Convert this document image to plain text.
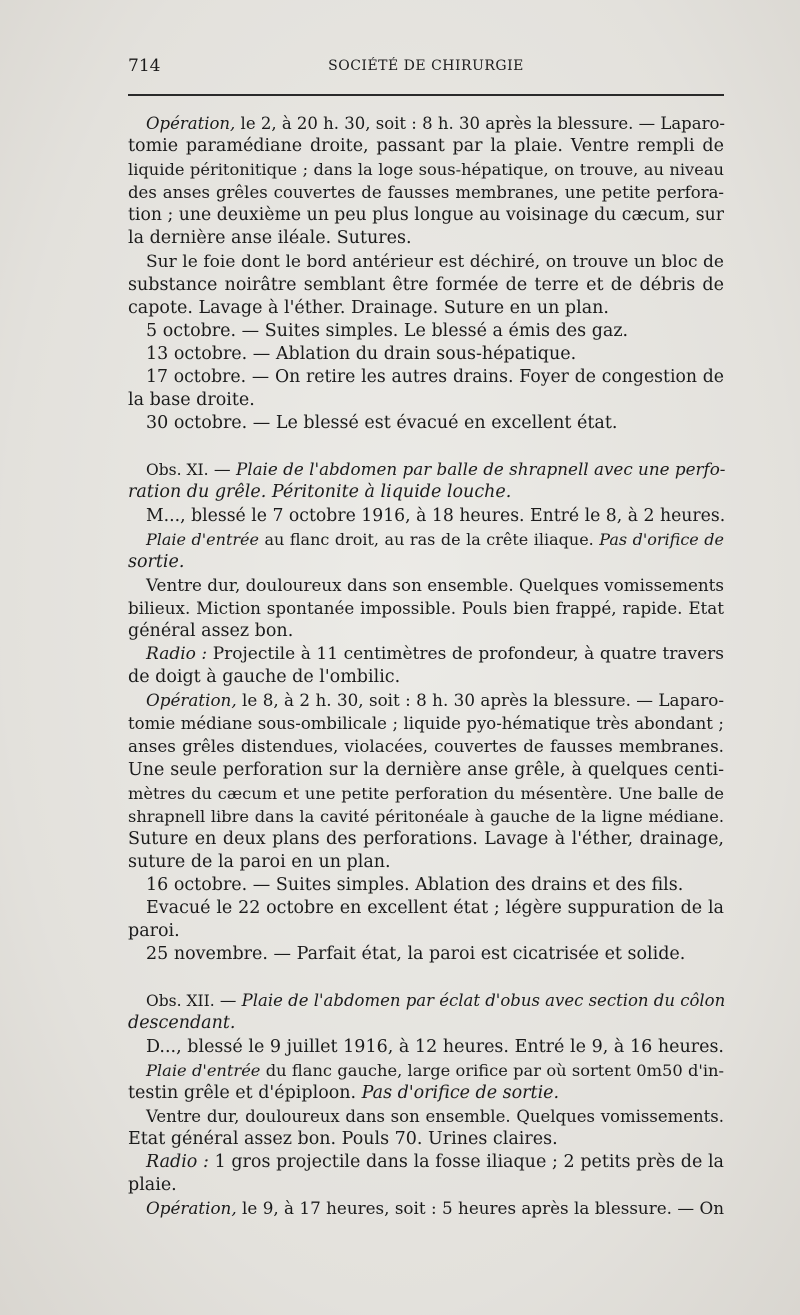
714	SOCIÉTÉ DE CHIRURGIE
Opération, le 2, à 20 h. 30, soit : 8 h. 30 après la blessure. — Laparo-
tomie paramédiane droite, passant par la plaie. Ventre rempli de
liquide péritonitique ; dans la loge sous-hépatique, on trouve, au niveau
des anses grêles couvertes de fausses membranes, une petite perfora-
tion ; une deuxième un peu plus longue au voisinage du cæcum, sur
la dernière anse iléale. Sutures.
Sur le foie dont le bord antérieur est déchiré, on trouve un bloc de
substance noirâtre semblant être formée de terre et de débris de
capote. Lavage à l'éther. Drainage. Suture en un plan.
5 octobre. — Suites simples. Le blessé a émis des gaz.
13 octobre. — Ablation du drain sous-hépatique.
17 octobre. — On retire les autres drains. Foyer de congestion de
la base droite.
30 octobre. — Le blessé est évacué en excellent état.
Obs. XI. — Plaie de l'abdomen par balle de shrapnell avec une perfo-
ration du grêle. Péritonite à liquide louche.
M..., blessé le 7 octobre 1916, à 18 heures. Entré le 8, à 2 heures.
Plaie d'entrée au flanc droit, au ras de la crête iliaque. Pas d'orifice de
sortie.
Ventre dur, douloureux dans son ensemble. Quelques vomissements
bilieux. Miction spontanée impossible. Pouls bien frappé, rapide. Etat
général assez bon.
Radio : Projectile à 11 centimètres de profondeur, à quatre travers
de doigt à gauche de l'ombilic.
Opération, le 8, à 2 h. 30, soit : 8 h. 30 après la blessure. — Laparo-
tomie médiane sous-ombilicale ; liquide pyo-hématique très abondant ;
anses grêles distendues, violacées, couvertes de fausses membranes.
Une seule perforation sur la dernière anse grêle, à quelques centi-
mètres du cæcum et une petite perforation du mésentère. Une balle de
shrapnell libre dans la cavité péritonéale à gauche de la ligne médiane.
Suture en deux plans des perforations. Lavage à l'éther, drainage,
suture de la paroi en un plan.
16 octobre. — Suites simples. Ablation des drains et des fils.
Evacué le 22 octobre en excellent état ; légère suppuration de la
paroi.
25 novembre. — Parfait état, la paroi est cicatrisée et solide.
Obs. XII. — Plaie de l'abdomen par éclat d'obus avec section du côlon
descendant.
D..., blessé le 9 juillet 1916, à 12 heures. Entré le 9, à 16 heures.
Plaie d'entrée du flanc gauche, large orifice par où sortent 0m50 d'in-
testin grêle et d'épiploon. Pas d'orifice de sortie.
Ventre dur, douloureux dans son ensemble. Quelques vomissements.
Etat général assez bon. Pouls 70. Urines claires.
Radio : 1 gros projectile dans la fosse iliaque ; 2 petits près de la
plaie.
Opération, le 9, à 17 heures, soit : 5 heures après la blessure. — On
